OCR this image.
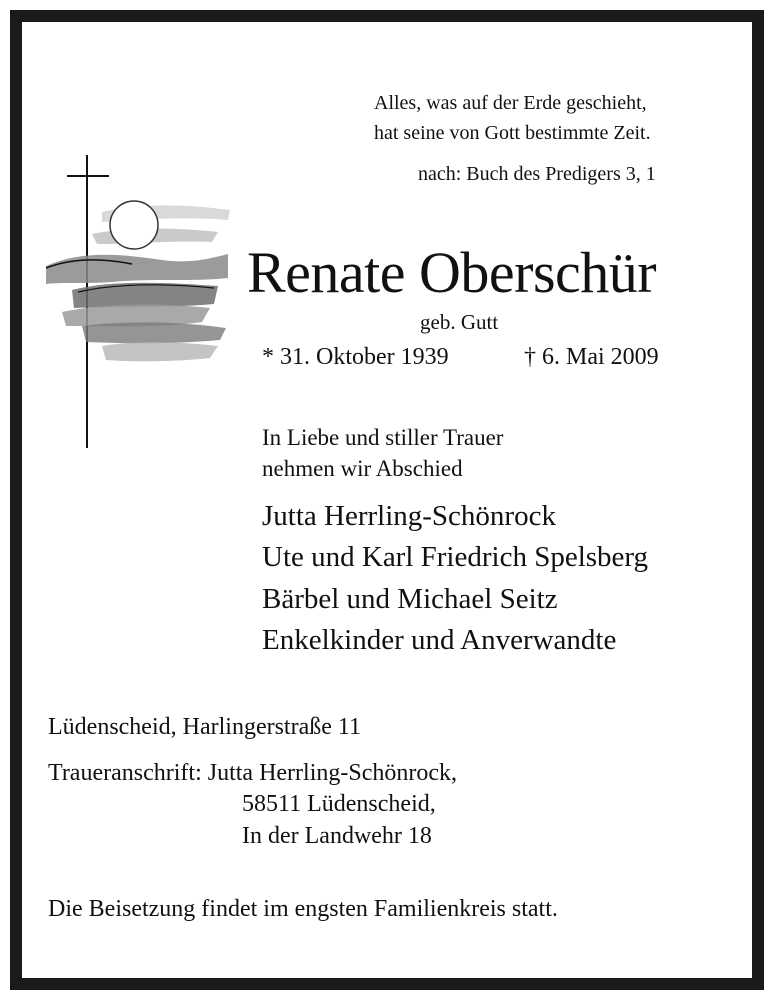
Alles, was auf der Erde geschieht,
hat seine von Gott bestimmte Zeit.
nach: Buch des Predigers 3, 1
Renate Oberschür
geb. Gutt
* 31. Oktober 1939	† 6. Mai 2009
In Liebe und stiller Trauer
nehmen wir Abschied
Jutta Herrling-Schönrock
Ute und Karl Friedrich Spelsberg
Bärbel und Michael Seitz
Enkelkinder und Anverwandte
Lüdenscheid, Harlingerstraße 11
Traueranschrift: Jutta Herrling-Schönrock,
58511 Lüdenscheid,
In der Landwehr 18
Die Beisetzung findet im engsten Familienkreis statt.
